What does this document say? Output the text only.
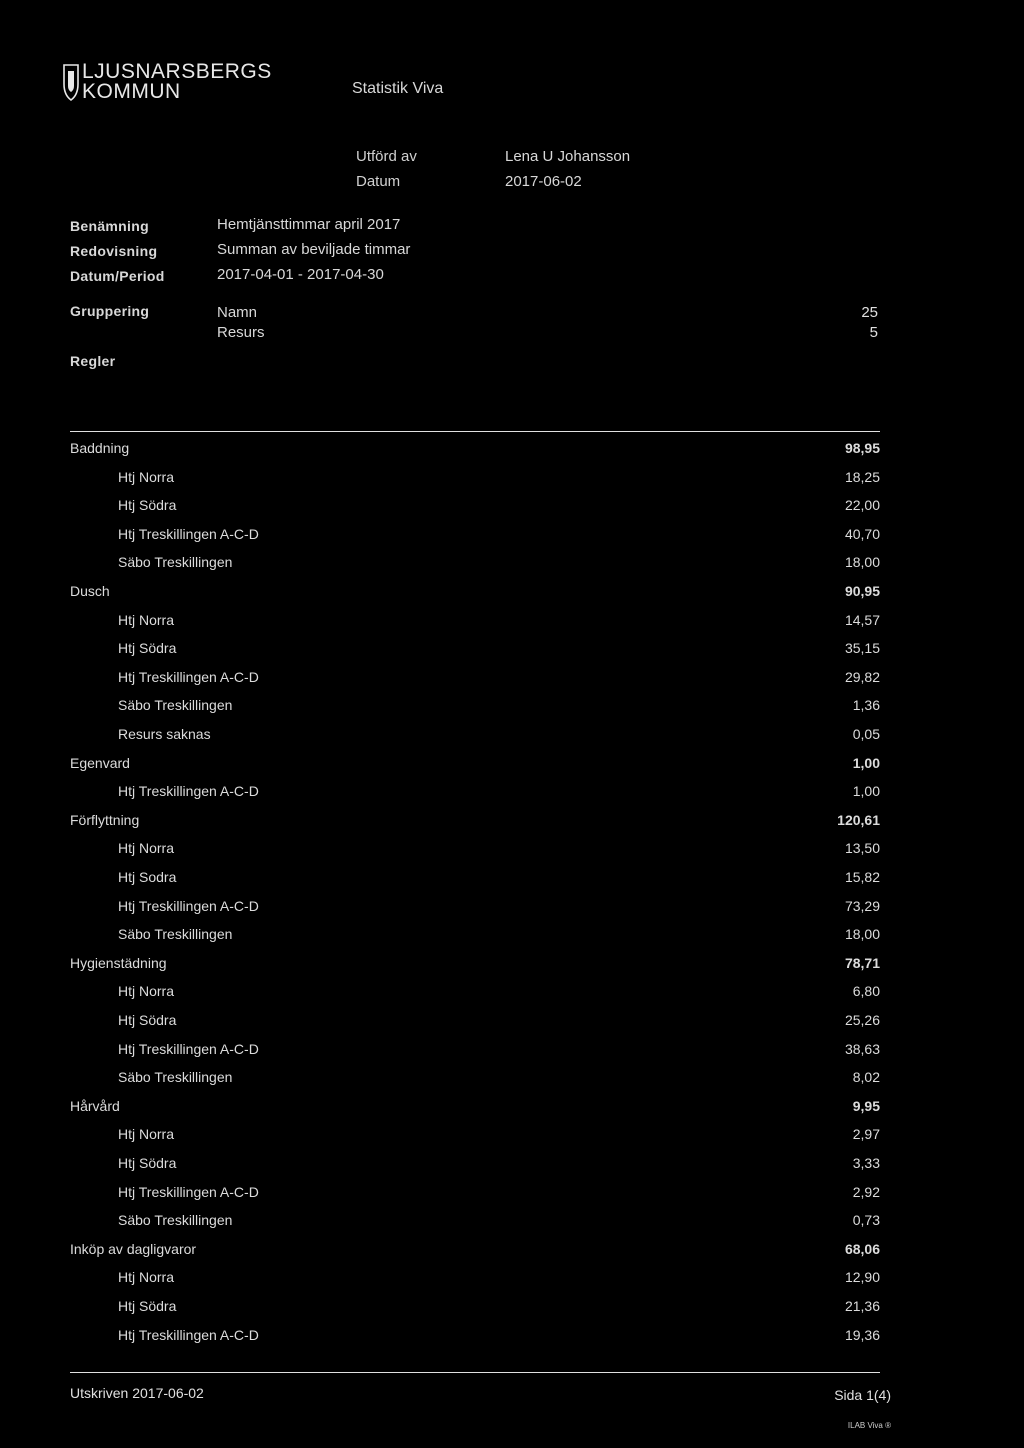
LJUSNARSBERGS
KOMMUN	Statistik Viva
Utförd av	Lena U Johansson
Datum	2017-06-02
Benämning	Hemtjänsttimmar april 2017
Redovisning	Summan av beviljade timmar
Datum/Period	2017-04-01 - 2017-04-30
Gruppering	Namn	25
Resurs	5
Regler
Baddning	98,95
Htj Norra	18,25
Htj Södra	22,00
Htj Treskillingen A-C-D	40,70
Säbo Treskillingen	18,00
Dusch	90,95
Htj Norra	14,57
Htj Södra	35,15
Htj Treskillingen A-C-D	29,82
Säbo Treskillingen	1,36
Resurs saknas	0,05
Egenvard	1,00
Htj Treskillingen A-C-D	1,00
Förflyttning	120,61
Htj Norra	13,50
Htj Sodra	15,82
Htj Treskillingen A-C-D	73,29
Säbo Treskillingen	18,00
Hygienstädning	78,71
Htj Norra	6,80
Htj Södra	25,26
Htj Treskillingen A-C-D	38,63
Säbo Treskillingen	8,02
Hårvård	9,95
Htj Norra	2,97
Htj Södra	3,33
Htj Treskillingen A-C-D	2,92
Säbo Treskillingen	0,73
Inköp av dagligvaror	68,06
Htj Norra	12,90
Htj Södra	21,36
Htj Treskillingen A-C-D	19,36
Utskriven 2017-06-02	Sida 1(4)
ILAB Viva ®
